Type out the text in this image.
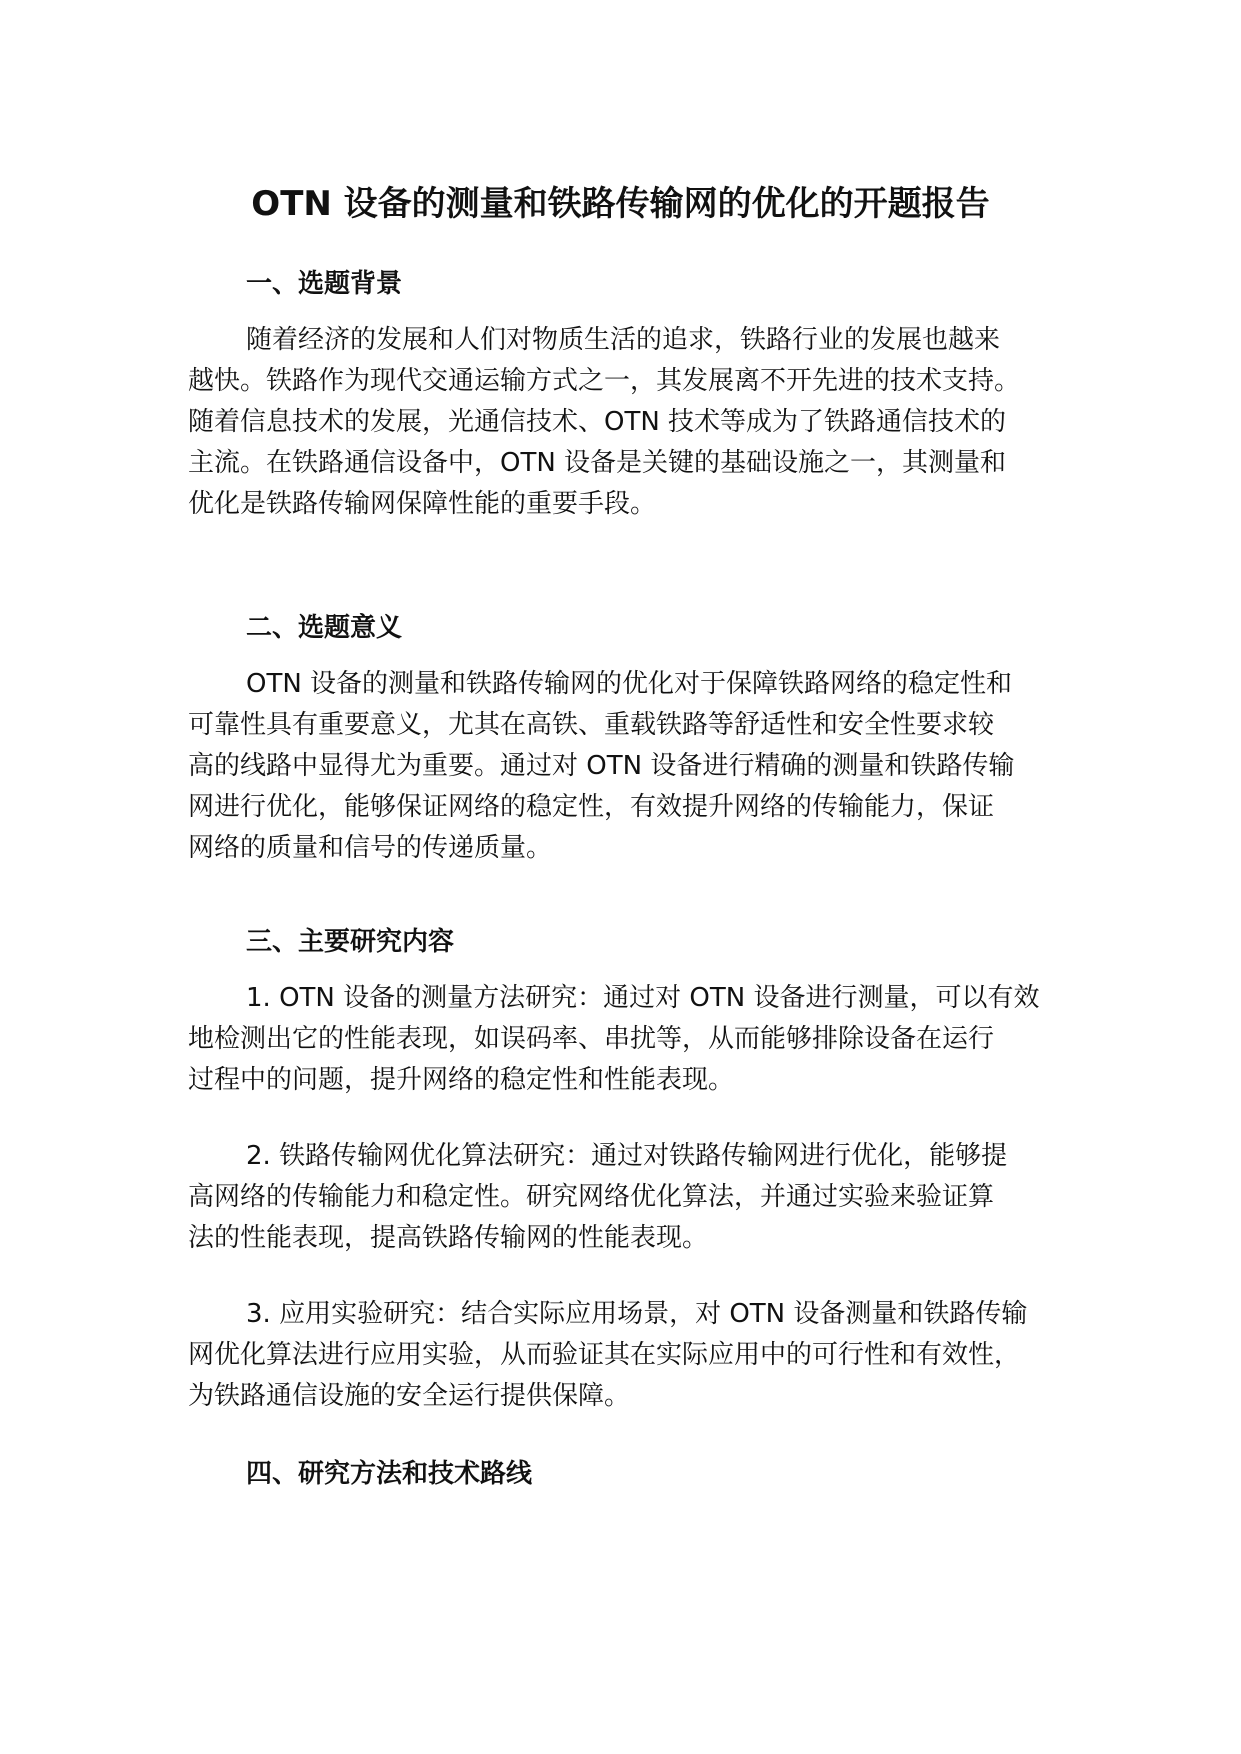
OTN 设备的测量和铁路传输网的优化的开题报告
一、选题背景

随着经济的发展和人们对物质生活的追求，铁路行业的发展也越来
越快。铁路作为现代交通运输方式之一，其发展离不开先进的技术支持。
随着信息技术的发展，光通信技术、OTN 技术等成为了铁路通信技术的
主流。在铁路通信设备中，OTN 设备是关键的基础设施之一，其测量和
优化是铁路传输网保障性能的重要手段。

二、选题意义

OTN 设备的测量和铁路传输网的优化对于保障铁路网络的稳定性和
可靠性具有重要意义，尤其在高铁、重载铁路等舒适性和安全性要求较
高的线路中显得尤为重要。通过对 OTN 设备进行精确的测量和铁路传输
网进行优化，能够保证网络的稳定性，有效提升网络的传输能力，保证
网络的质量和信号的传递质量。

三、主要研究内容

1. OTN 设备的测量方法研究：通过对 OTN 设备进行测量，可以有效
地检测出它的性能表现，如误码率、串扰等，从而能够排除设备在运行
过程中的问题，提升网络的稳定性和性能表现。

2. 铁路传输网优化算法研究：通过对铁路传输网进行优化，能够提
高网络的传输能力和稳定性。研究网络优化算法，并通过实验来验证算
法的性能表现，提高铁路传输网的性能表现。

3. 应用实验研究：结合实际应用场景，对 OTN 设备测量和铁路传输
网优化算法进行应用实验，从而验证其在实际应用中的可行性和有效性，
为铁路通信设施的安全运行提供保障。

四、研究方法和技术路线
